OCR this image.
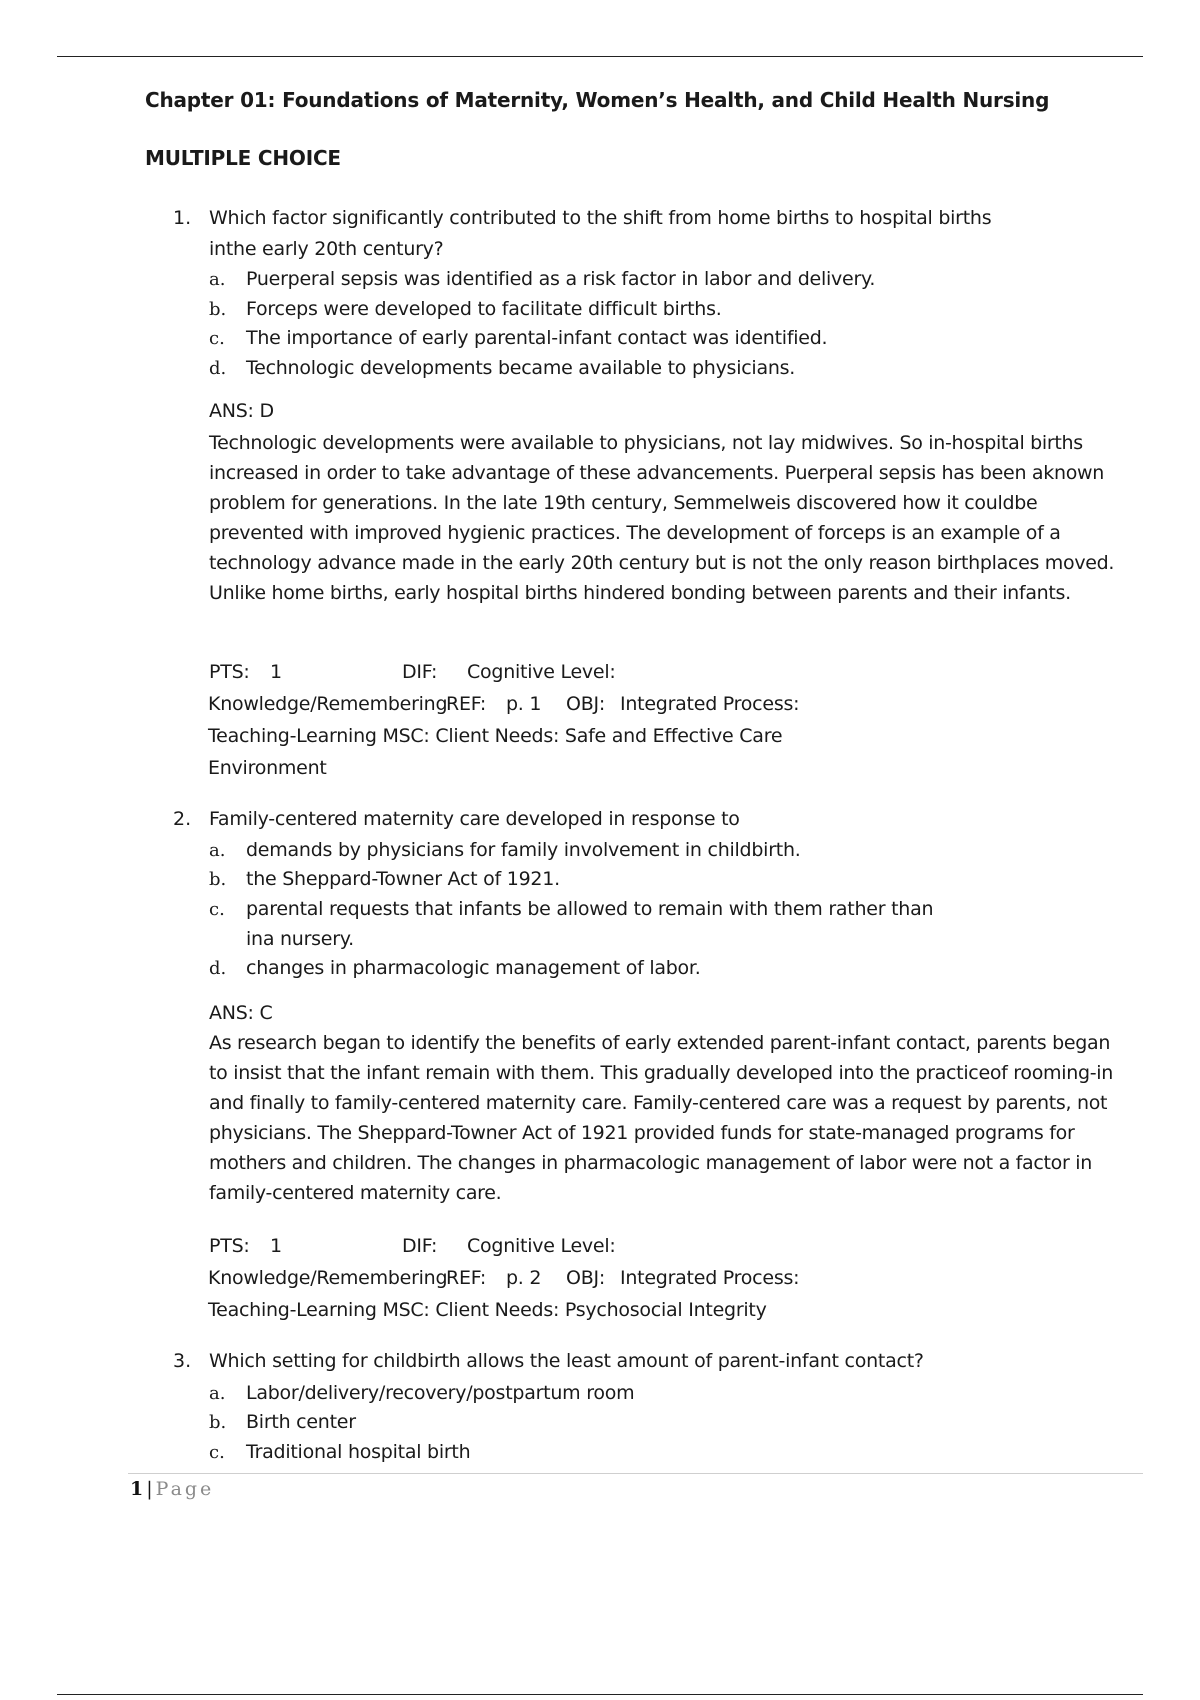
Chapter 01: Foundations of Maternity, Women’s Health, and Child Health Nursing
MULTIPLE CHOICE
1. Which factor significantly contributed to the shift from home births to hospital births
inthe early 20th century?
a. Puerperal sepsis was identified as a risk factor in labor and delivery.
b. Forceps were developed to facilitate difficult births.
c. The importance of early parental-infant contact was identified.
d. Technologic developments became available to physicians.
ANS: D
Technologic developments were available to physicians, not lay midwives. So in-hospital births increased in order to take advantage of these advancements. Puerperal sepsis has been aknown problem for generations. In the late 19th century, Semmelweis discovered how it couldbe prevented with improved hygienic practices. The development of forceps is an example of a technology advance made in the early 20th century but is not the only reason birthplaces moved. Unlike home births, early hospital births hindered bonding between parents and their infants.
PTS: 1	DIF: Cognitive Level:
Knowledge/Remembering
REF: p. 1 OBJ: Integrated Process:
Teaching-Learning MSC: Client Needs: Safe and Effective Care
Environment
2. Family-centered maternity care developed in response to
a. demands by physicians for family involvement in childbirth.
b. the Sheppard-Towner Act of 1921.
c. parental requests that infants be allowed to remain with them rather than
ina nursery.
d. changes in pharmacologic management of labor.
ANS: C
As research began to identify the benefits of early extended parent-infant contact, parents began to insist that the infant remain with them. This gradually developed into the practiceof rooming-in and finally to family-centered maternity care. Family-centered care was a request by parents, not physicians. The Sheppard-Towner Act of 1921 provided funds for state-managed programs for mothers and children. The changes in pharmacologic management of labor were not a factor in family-centered maternity care.
PTS: 1	DIF: Cognitive Level:
Knowledge/Remembering
REF: p. 2 OBJ: Integrated Process:
Teaching-Learning MSC: Client Needs: Psychosocial Integrity
3. Which setting for childbirth allows the least amount of parent-infant contact?
a. Labor/delivery/recovery/postpartum room
b. Birth center
c. Traditional hospital birth
1 | Page
